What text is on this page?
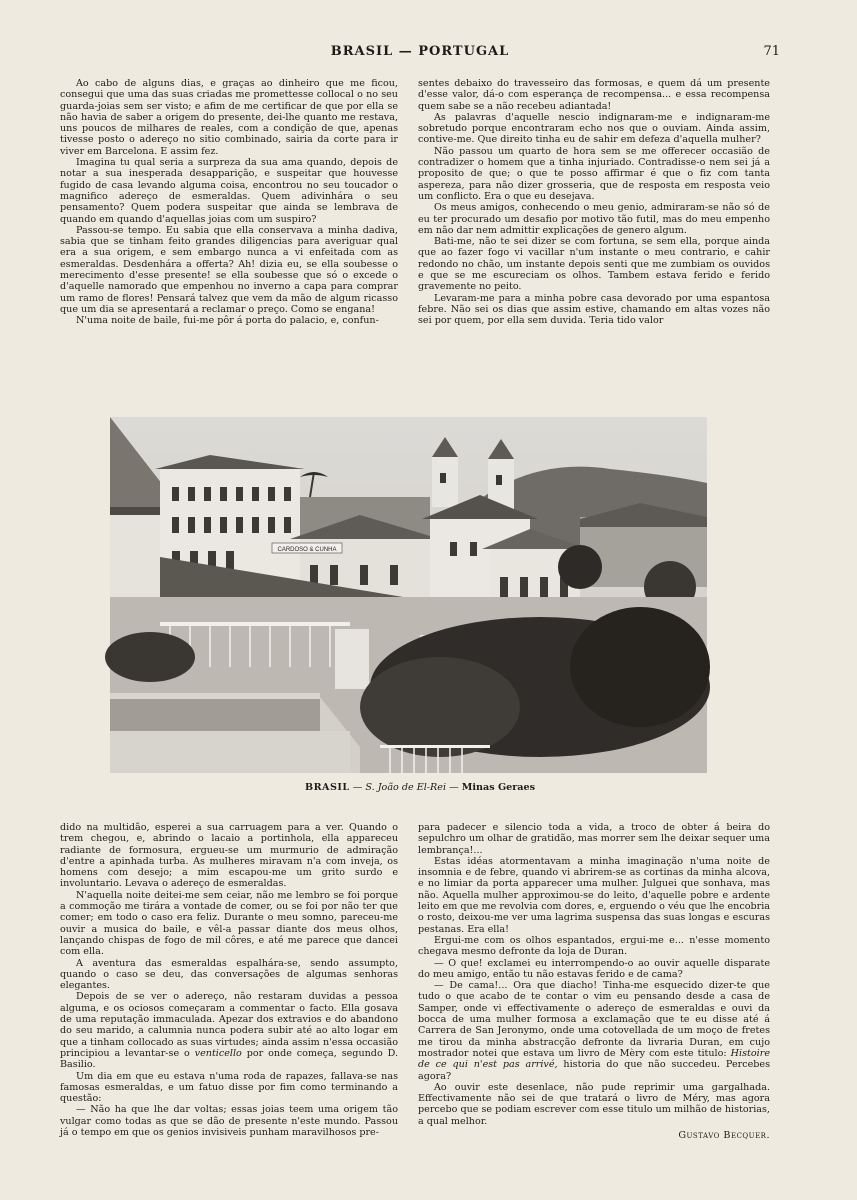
BRASIL — PORTUGAL	71

Ao cabo de alguns dias, e graças ao dinheiro que me ficou, consegui que uma das suas criadas me promettesse collocal o no seu guarda-joias sem ser visto; e afim de me certificar de que por ella se não havia de saber a origem do presente, dei-lhe quanto me restava, uns poucos de milhares de reales, com a condição de que, apenas tivesse posto o adereço no sitio combinado, sairia da corte para ir viver em Barcelona. E assim fez.

Imagina tu qual seria a surpreza da sua ama quando, depois de notar a sua inesperada desapparição, e suspeitar que houvesse fugido de casa levando alguma coisa, encontrou no seu toucador o magnifico adereço de esmeraldas. Quem adivinhára o seu pensamento? Quem podera suspeitar que ainda se lembrava de quando em quando d'aquellas joias com um suspiro?

Passou-se tempo. Eu sabia que ella conservava a minha dadiva, sabia que se tinham feito grandes diligencias para averiguar qual era a sua origem, e sem embargo nunca a vi enfeitada com as esmeraldas. Desdenhára a offerta? Ah! dizia eu, se ella soubesse o merecimento d'esse presente! se ella soubesse que só o excede o d'aquelle namorado que empenhou no inverno a capa para comprar um ramo de flores! Pensará talvez que vem da mão de algum ricasso que um dia se apresentará a reclamar o preço. Como se engana!

N'uma noite de baile, fui-me pôr á porta do palacio, e, confun-

sentes debaixo do travesseiro das formosas, e quem dá um presente d'esse valor, dá-o com esperança de recompensa... e essa recompensa quem sabe se a não recebeu adiantada!

As palavras d'aquelle nescio indignaram-me e indignaram-me sobretudo porque encontraram echo nos que o ouviam. Ainda assim, contive-me. Que direito tinha eu de sahir em defeza d'aquella mulher?

Não passou um quarto de hora sem se me offerecer occasião de contradizer o homem que a tinha injuriado. Contradisse-o nem sei já a proposito de que; o que te posso affirmar é que o fiz com tanta aspereza, para não dizer grosseria, que de resposta em resposta veio um conflicto. Era o que eu desejava.

Os meus amigos, conhecendo o meu genio, admiraram-se não só de eu ter procurado um desafio por motivo tão futil, mas do meu empenho em não dar nem admittir explicações de genero algum.

Bati-me, não te sei dizer se com fortuna, se sem ella, porque ainda que ao fazer fogo vi vacillar n'um instante o meu contrario, e cahir redondo no chão, um instante depois senti que me zumbiam os ouvidos e que se me escureciam os olhos. Tambem estava ferido e ferido gravemente no peito.

Levaram-me para a minha pobre casa devorado por uma espantosa febre. Não sei os dias que assim estive, chamando em altas vozes não sei por quem, por ella sem duvida. Teria tido valor

CARDOSO & CUNHA
BRASIL — S. João de El-Rei — Minas Geraes

dido na multidão, esperei a sua carruagem para a ver. Quando o trem chegou, e, abrindo o lacaio a portinhola, ella appareceu radiante de formosura, ergueu-se um murmurio de admiração d'entre a apinhada turba. As mulheres miravam n'a com inveja, os homens com desejo; a mim escapou-me um grito surdo e involuntario. Levava o adereço de esmeraldas.

N'aquella noite deitei-me sem ceiar, não me lembro se foi porque a commoção me tirára a vontade de comer, ou se foi por não ter que comer; em todo o caso era feliz. Durante o meu somno, pareceu-me ouvir a musica do baile, e vêl-a passar diante dos meus olhos, lançando chispas de fogo de mil côres, e até me parece que dancei com ella.

A aventura das esmeraldas espalhára-se, sendo assumpto, quando o caso se deu, das conversações de algumas senhoras elegantes.

Depois de se ver o adereço, não restaram duvidas a pessoa alguma, e os ociosos começaram a commentar o facto. Ella gosava de uma reputação immaculada. Apezar dos extravios e do abandono do seu marido, a calumnia nunca podera subir até ao alto logar em que a tinham collocado as suas virtudes; ainda assim n'essa occasião principiou a levantar-se o venticello por onde começa, segundo D. Basilio.

Um dia em que eu estava n'uma roda de rapazes, fallava-se nas famosas esmeraldas, e um fatuo disse por fim como terminando a questão:

— Não ha que lhe dar voltas; essas joias teem uma origem tão vulgar como todas as que se dão de presente n'este mundo. Passou já o tempo em que os genios invisiveis punham maravilhosos pre-

para padecer e silencio toda a vida, a troco de obter á beira do sepulchro um olhar de gratidão, mas morrer sem lhe deixar sequer uma lembrança!...

Estas idéas atormentavam a minha imaginação n'uma noite de insomnia e de febre, quando vi abrirem-se as cortinas da minha alcova, e no limiar da porta apparecer uma mulher. Julguei que sonhava, mas não. Aquella mulher approximou-se do leito, d'aquelle pobre e ardente leito em que me revolvia com dores, e, erguendo o véu que lhe encobria o rosto, deixou-me ver uma lagrima suspensa das suas longas e escuras pestanas. Era ella!

Ergui-me com os olhos espantados, ergui-me e... n'esse momento chegava mesmo defronte da loja de Duran.

— O que! exclamei eu interrompendo-o ao ouvir aquelle disparate do meu amigo, então tu não estavas ferido e de cama?

— De cama!... Ora que diacho! Tinha-me esquecido dizer-te que tudo o que acabo de te contar o vim eu pensando desde a casa de Samper, onde vi effectivamente o adereço de esmeraldas e ouvi da bocca de uma mulher formosa a exclamação que te eu disse até á Carrera de San Jeronymo, onde uma cotovellada de um moço de fretes me tirou da minha abstracção defronte da livraria Duran, em cujo mostrador notei que estava um livro de Mèry com este titulo: Histoire de ce qui n'est pas arrivé, historia do que não succedeu. Percebes agora?

Ao ouvir este desenlace, não pude reprimir uma gargalhada. Effectivamente não sei de que tratará o livro de Méry, mas agora percebo que se podiam escrever com esse titulo um milhão de historias, a qual melhor.

Gustavo Becquer.
